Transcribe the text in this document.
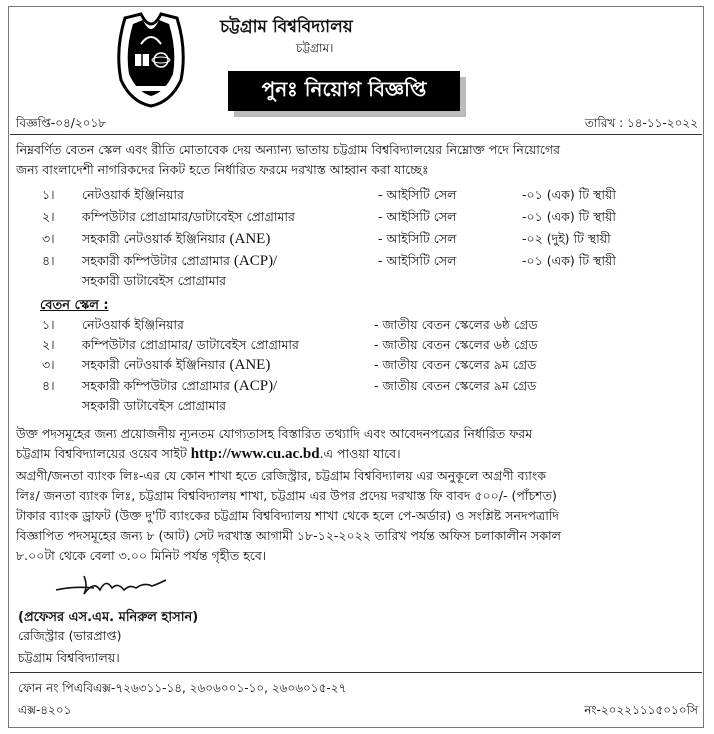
চট্টগ্রাম বিশ্ববিদ্যালয়
চট্টগ্রাম।
পুনঃ নিয়োগ বিজ্ঞপ্তি
বিজ্ঞপ্তি-০৪/২০১৮	তারিখ : ১৪-১১-২০২২
নিম্নবর্ণিত বেতন স্কেল এবং রীতি মোতাবেক দেয় অন্যান্য ভাতায় চট্টগ্রাম বিশ্ববিদ্যালয়ের নিম্নোক্ত পদে নিয়োগের
জন্য বাংলাদেশী নাগরিকদের নিকট হতে নির্ধারিত ফরমে দরখাস্ত আহ্বান করা যাচ্ছেঃ
১। নেটওয়ার্ক ইঞ্জিনিয়ার	- আইসিটি সেল	-০১ (এক) টি স্থায়ী
২। কম্পিউটার প্রোগ্রামার/ডাটাবেইস প্রোগ্রামার	- আইসিটি সেল	-০১ (এক) টি স্থায়ী
৩। সহকারী নেটওয়ার্ক ইঞ্জিনিয়ার (ANE)	- আইসিটি সেল	-০২ (দুই) টি স্থায়ী
৪। সহকারী কম্পিউটার প্রোগ্রামার (ACP)/
সহকারী ডাটাবেইস প্রোগ্রামার
- আইসিটি সেল	-০১ (এক) টি স্থায়ী
বেতন স্কেল :
১। নেটওয়ার্ক ইঞ্জিনিয়ার	- জাতীয় বেতন স্কেলের ৬ষ্ঠ গ্রেড
২। কম্পিউটার প্রোগ্রামার/ ডাটাবেইস প্রোগ্রামার	- জাতীয় বেতন স্কেলের ৬ষ্ঠ গ্রেড
৩। সহকারী নেটওয়ার্ক ইঞ্জিনিয়ার (ANE)	- জাতীয় বেতন স্কেলের ৯ম গ্রেড
৪। সহকারী কম্পিউটার প্রোগ্রামার (ACP)/
সহকারী ডাটাবেইস প্রোগ্রামার
- জাতীয় বেতন স্কেলের ৯ম গ্রেড
উক্ত পদসমূহের জন্য প্রয়োজনীয় ন্যূনতম যোগ্যতাসহ বিস্তারিত তথ্যাদি এবং আবেদনপত্রের নির্ধারিত ফরম
চট্টগ্রাম বিশ্ববিদ্যালয়ের ওয়েব সাইট http://www.cu.ac.bd.এ পাওয়া যাবে।
অগ্রণী/জনতা ব্যাংক লিঃ-এর যে কোন শাখা হতে রেজিস্ট্রার, চট্টগ্রাম বিশ্ববিদ্যালয় এর অনুকূলে অগ্রণী ব্যাংক
লিঃ/ জনতা ব্যাংক লিঃ, চট্টগ্রাম বিশ্ববিদ্যালয় শাখা, চট্টগ্রাম এর উপর প্রদেয় দরখাস্ত ফি বাবদ ৫০০/- (পাঁচশত)
টাকার ব্যাংক ড্রাফট (উক্ত দু'টি ব্যাংকের চট্টগ্রাম বিশ্ববিদ্যালয় শাখা থেকে হলে পে-অর্ডার) ও সংশ্লিষ্ট সনদপত্রাদি
বিজ্ঞাপিত পদসমূহের জন্য ৮ (আট) সেট দরখাস্ত আগামী ১৮-১২-২০২২ তারিখ পর্যন্ত অফিস চলাকালীন সকাল
৮.০০টা থেকে বেলা ৩.০০ মিনিট পর্যন্ত গৃহীত হবে।
(প্রফেসর এস.এম. মনিরুল হাসান)
রেজিস্ট্রার (ভারপ্রাপ্ত)
চট্টগ্রাম বিশ্ববিদ্যালয়।
ফোন নং পিএবিএক্স-৭২৬৩১১-১৪, ২৬০৬০০১-১০, ২৬০৬০১৫-২৭
এক্স-৪২০১	নং-২০২২১১১৫০১০সি
